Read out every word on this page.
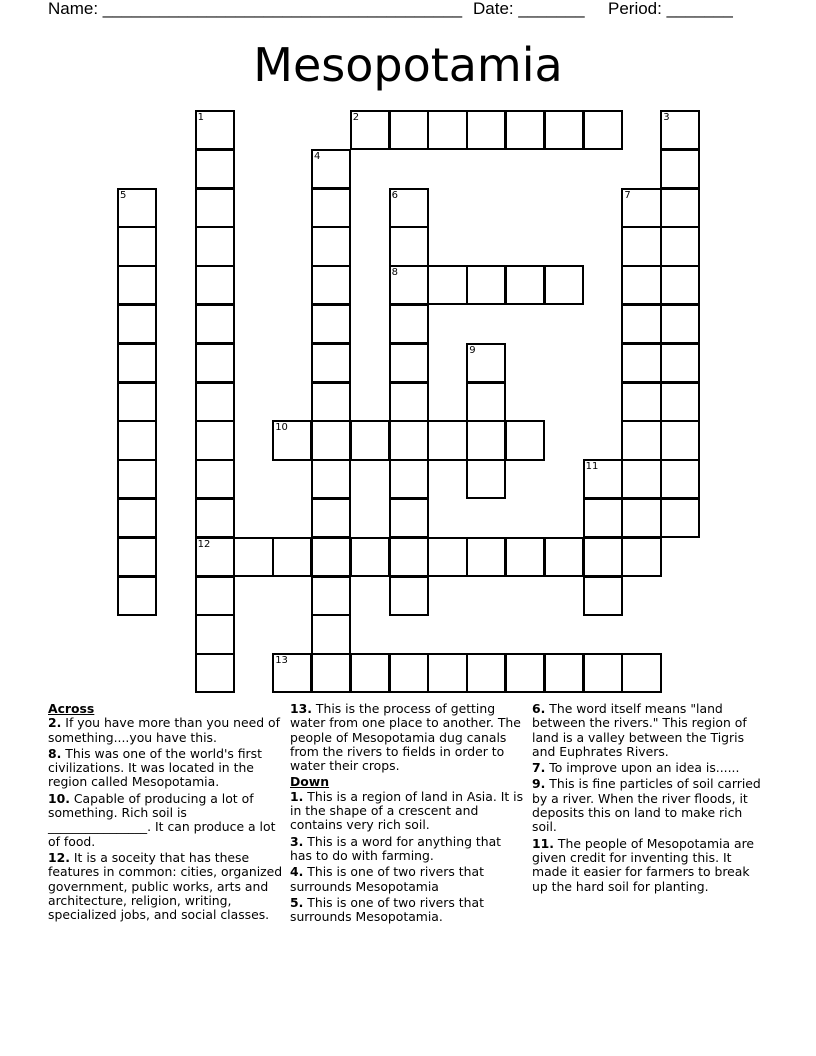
Name: ______________________________________ Date: _______ Period: _______
Mesopotamia
1	2	3
4
5	6	7
8
9
10
11
12
13
Across
2. If you have more than you need of something....you have this.
8. This was one of the world's first civilizations. It was located in the region called Mesopotamia.
10. Capable of producing a lot of something. Rich soil is ________________. It can produce a lot of food.
12. It is a soceity that has these features in common: cities, organized government, public works, arts and architecture, religion, writing, specialized jobs, and social classes.
13. This is the process of getting water from one place to another. The people of Mesopotamia dug canals from the rivers to fields in order to water their crops.
Down
1. This is a region of land in Asia. It is in the shape of a crescent and contains very rich soil.
3. This is a word for anything that has to do with farming.
4. This is one of two rivers that surrounds Mesopotamia
5. This is one of two rivers that surrounds Mesopotamia.
6. The word itself means "land between the rivers." This region of land is a valley between the Tigris and Euphrates Rivers.
7. To improve upon an idea is......
9. This is fine particles of soil carried by a river. When the river floods, it deposits this on land to make rich soil.
11. The people of Mesopotamia are given credit for inventing this. It made it easier for farmers to break up the hard soil for planting.
